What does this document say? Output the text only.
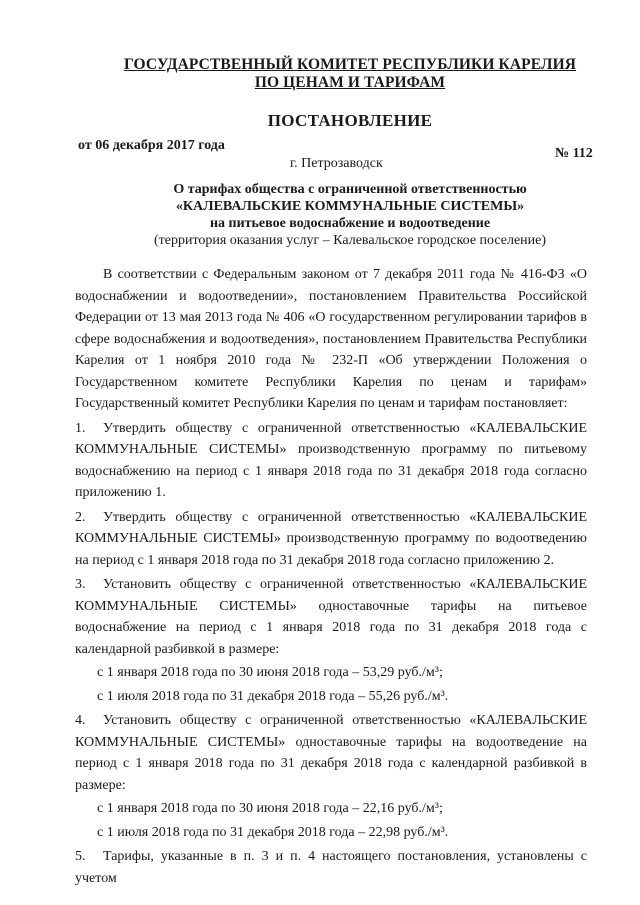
ГОСУДАРСТВЕННЫЙ КОМИТЕТ РЕСПУБЛИКИ КАРЕЛИЯ
ПО ЦЕНАМ И ТАРИФАМ
ПОСТАНОВЛЕНИЕ
от 06 декабря 2017 года
№ 112
г. Петрозаводск
О тарифах общества с ограниченной ответственностью
«КАЛЕВАЛЬСКИЕ КОММУНАЛЬНЫЕ СИСТЕМЫ»
на питьевое водоснабжение и водоотведение
(территория оказания услуг – Калевальское городское поселение)

В соответствии с Федеральным законом от 7 декабря 2011 года № 416-ФЗ «О водоснабжении и водоотведении», постановлением Правительства Российской Федерации от 13 мая 2013 года № 406 «О государственном регулировании тарифов в сфере водоснабжения и водоотведения», постановлением Правительства Республики Карелия от 1 ноября 2010 года № 232-П «Об утверждении Положения о Государственном комитете Республики Карелия по ценам и тарифам» Государственный комитет Республики Карелия по ценам и тарифам постановляет:

1. Утвердить обществу с ограниченной ответственностью «КАЛЕВАЛЬСКИЕ КОММУНАЛЬНЫЕ СИСТЕМЫ» производственную программу по питьевому водоснабжению на период с 1 января 2018 года по 31 декабря 2018 года согласно приложению 1.

2. Утвердить обществу с ограниченной ответственностью «КАЛЕВАЛЬСКИЕ КОММУНАЛЬНЫЕ СИСТЕМЫ» производственную программу по водоотведению на период с 1 января 2018 года по 31 декабря 2018 года согласно приложению 2.

3. Установить обществу с ограниченной ответственностью «КАЛЕВАЛЬСКИЕ КОММУНАЛЬНЫЕ СИСТЕМЫ» одноставочные тарифы на питьевое водоснабжение на период с 1 января 2018 года по 31 декабря 2018 года с календарной разбивкой в размере:

с 1 января 2018 года по 30 июня 2018 года – 53,29 руб./м³;

с 1 июля 2018 года по 31 декабря 2018 года – 55,26 руб./м³.

4. Установить обществу с ограниченной ответственностью «КАЛЕВАЛЬСКИЕ КОММУНАЛЬНЫЕ СИСТЕМЫ» одноставочные тарифы на водоотведение на период с 1 января 2018 года по 31 декабря 2018 года с календарной разбивкой в размере:

с 1 января 2018 года по 30 июня 2018 года – 22,16 руб./м³;

с 1 июля 2018 года по 31 декабря 2018 года – 22,98 руб./м³.

5. Тарифы, указанные в п. 3 и п. 4 настоящего постановления, установлены с учетом
